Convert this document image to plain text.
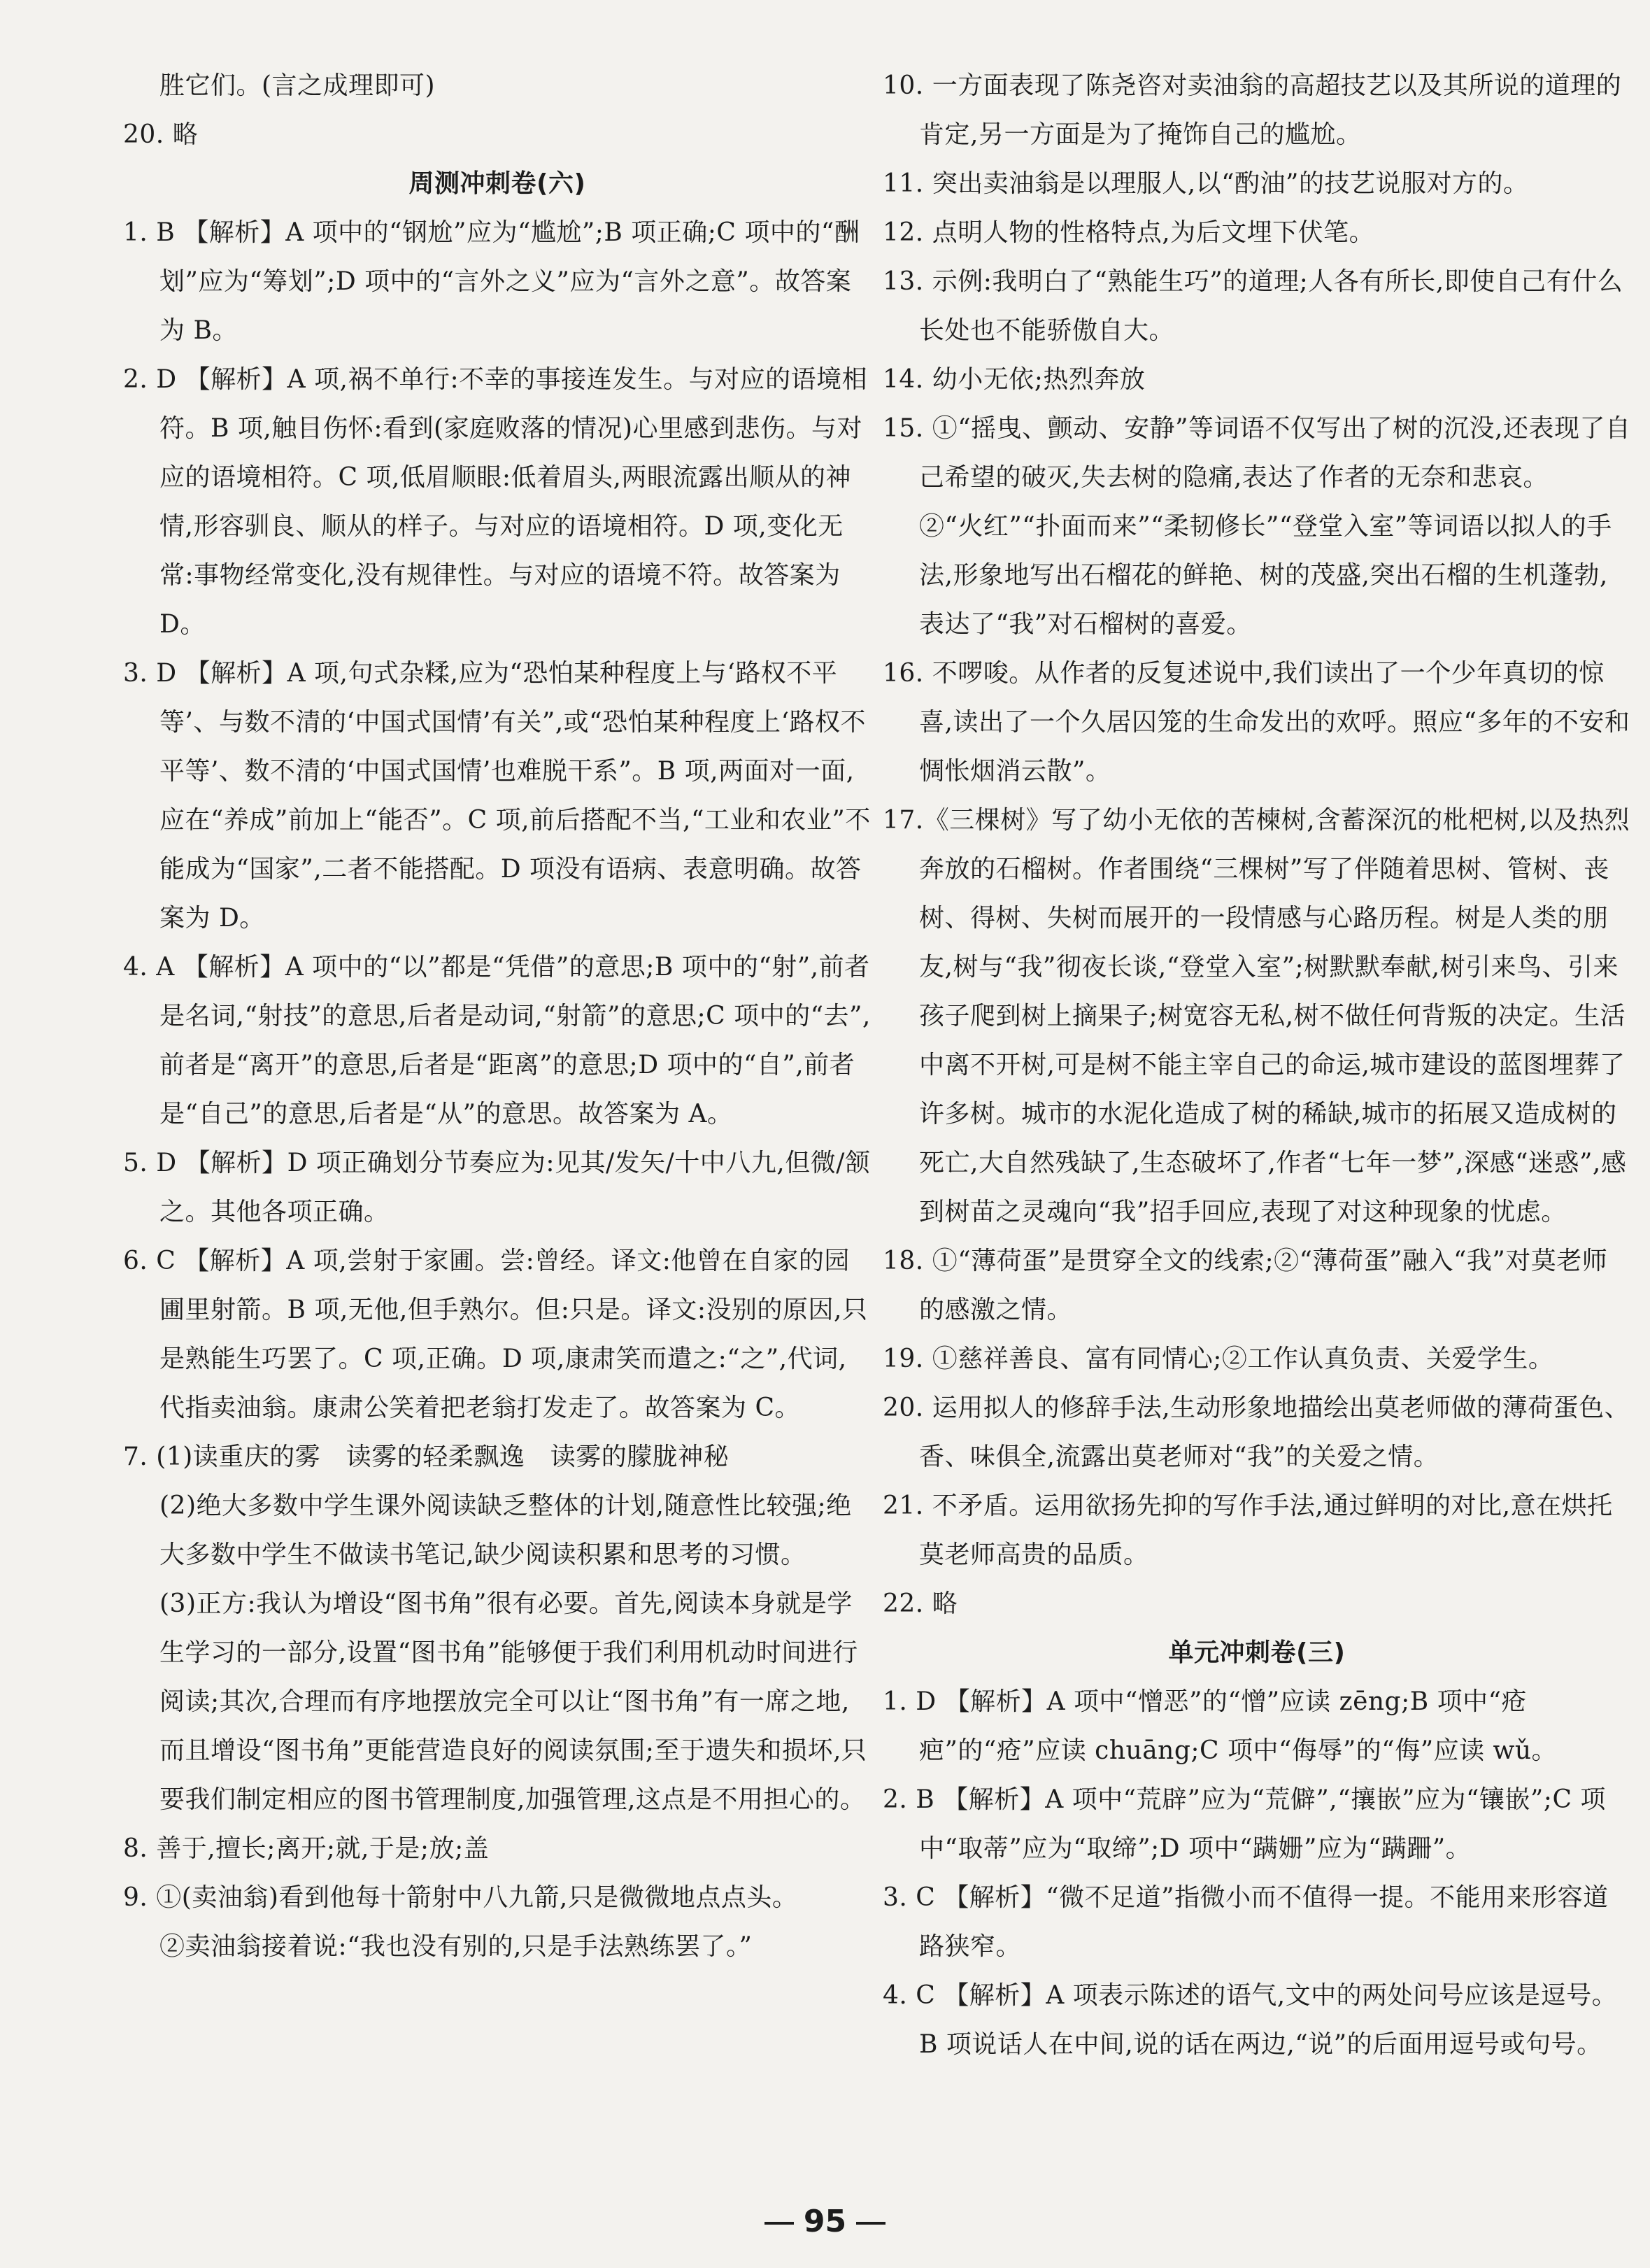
胜它们。(言之成理即可)

20. 略

周测冲刺卷(六)

1. B 【解析】A 项中的“钢尬”应为“尴尬”;B 项正确;C 项中的“酬划”应为“筹划”;D 项中的“言外之义”应为“言外之意”。故答案为 B。

2. D 【解析】A 项,祸不单行:不幸的事接连发生。与对应的语境相符。B 项,触目伤怀:看到(家庭败落的情况)心里感到悲伤。与对应的语境相符。C 项,低眉顺眼:低着眉头,两眼流露出顺从的神情,形容驯良、顺从的样子。与对应的语境相符。D 项,变化无常:事物经常变化,没有规律性。与对应的语境不符。故答案为 D。

3. D 【解析】A 项,句式杂糅,应为“恐怕某种程度上与‘路权不平等’、与数不清的‘中国式国情’有关”,或“恐怕某种程度上‘路权不平等’、数不清的‘中国式国情’也难脱干系”。B 项,两面对一面,应在“养成”前加上“能否”。C 项,前后搭配不当,“工业和农业”不能成为“国家”,二者不能搭配。D 项没有语病、表意明确。故答案为 D。

4. A 【解析】A 项中的“以”都是“凭借”的意思;B 项中的“射”,前者是名词,“射技”的意思,后者是动词,“射箭”的意思;C 项中的“去”,前者是“离开”的意思,后者是“距离”的意思;D 项中的“自”,前者是“自己”的意思,后者是“从”的意思。故答案为 A。

5. D 【解析】D 项正确划分节奏应为:见其/发矢/十中八九,但微/颔之。其他各项正确。

6. C 【解析】A 项,尝射于家圃。尝:曾经。译文:他曾在自家的园圃里射箭。B 项,无他,但手熟尔。但:只是。译文:没别的原因,只是熟能生巧罢了。C 项,正确。D 项,康肃笑而遣之:“之”,代词,代指卖油翁。康肃公笑着把老翁打发走了。故答案为 C。

7. (1)读重庆的雾　读雾的轻柔飘逸　读雾的朦胧神秘

(2)绝大多数中学生课外阅读缺乏整体的计划,随意性比较强;绝大多数中学生不做读书笔记,缺少阅读积累和思考的习惯。

(3)正方:我认为增设“图书角”很有必要。首先,阅读本身就是学生学习的一部分,设置“图书角”能够便于我们利用机动时间进行阅读;其次,合理而有序地摆放完全可以让“图书角”有一席之地,而且增设“图书角”更能营造良好的阅读氛围;至于遗失和损坏,只要我们制定相应的图书管理制度,加强管理,这点是不用担心的。

8. 善于,擅长;离开;就,于是;放;盖

9. ①(卖油翁)看到他每十箭射中八九箭,只是微微地点点头。

②卖油翁接着说:“我也没有别的,只是手法熟练罢了。”

10. 一方面表现了陈尧咨对卖油翁的高超技艺以及其所说的道理的肯定,另一方面是为了掩饰自己的尴尬。

11. 突出卖油翁是以理服人,以“酌油”的技艺说服对方的。

12. 点明人物的性格特点,为后文埋下伏笔。

13. 示例:我明白了“熟能生巧”的道理;人各有所长,即使自己有什么长处也不能骄傲自大。

14. 幼小无依;热烈奔放

15. ①“摇曳、颤动、安静”等词语不仅写出了树的沉没,还表现了自己希望的破灭,失去树的隐痛,表达了作者的无奈和悲哀。

②“火红”“扑面而来”“柔韧修长”“登堂入室”等词语以拟人的手法,形象地写出石榴花的鲜艳、树的茂盛,突出石榴的生机蓬勃,表达了“我”对石榴树的喜爱。

16. 不啰唆。从作者的反复述说中,我们读出了一个少年真切的惊喜,读出了一个久居囚笼的生命发出的欢呼。照应“多年的不安和惆怅烟消云散”。

17.《三棵树》写了幼小无依的苦楝树,含蓄深沉的枇杷树,以及热烈奔放的石榴树。作者围绕“三棵树”写了伴随着思树、管树、丧树、得树、失树而展开的一段情感与心路历程。树是人类的朋友,树与“我”彻夜长谈,“登堂入室”;树默默奉献,树引来鸟、引来孩子爬到树上摘果子;树宽容无私,树不做任何背叛的决定。生活中离不开树,可是树不能主宰自己的命运,城市建设的蓝图埋葬了许多树。城市的水泥化造成了树的稀缺,城市的拓展又造成树的死亡,大自然残缺了,生态破坏了,作者“七年一梦”,深感“迷惑”,感到树苗之灵魂向“我”招手回应,表现了对这种现象的忧虑。

18. ①“薄荷蛋”是贯穿全文的线索;②“薄荷蛋”融入“我”对莫老师的感激之情。

19. ①慈祥善良、富有同情心;②工作认真负责、关爱学生。

20. 运用拟人的修辞手法,生动形象地描绘出莫老师做的薄荷蛋色、香、味俱全,流露出莫老师对“我”的关爱之情。

21. 不矛盾。运用欲扬先抑的写作手法,通过鲜明的对比,意在烘托莫老师高贵的品质。

22. 略

单元冲刺卷(三)

1. D 【解析】A 项中“憎恶”的“憎”应读 zēng;B 项中“疮疤”的“疮”应读 chuāng;C 项中“侮辱”的“侮”应读 wǔ。

2. B 【解析】A 项中“荒辟”应为“荒僻”,“攘嵌”应为“镶嵌”;C 项中“取蒂”应为“取缔”;D 项中“蹒姗”应为“蹒跚”。

3. C 【解析】“微不足道”指微小而不值得一提。不能用来形容道路狭窄。

4. C 【解析】A 项表示陈述的语气,文中的两处问号应该是逗号。

B 项说话人在中间,说的话在两边,“说”的后面用逗号或句号。

95
